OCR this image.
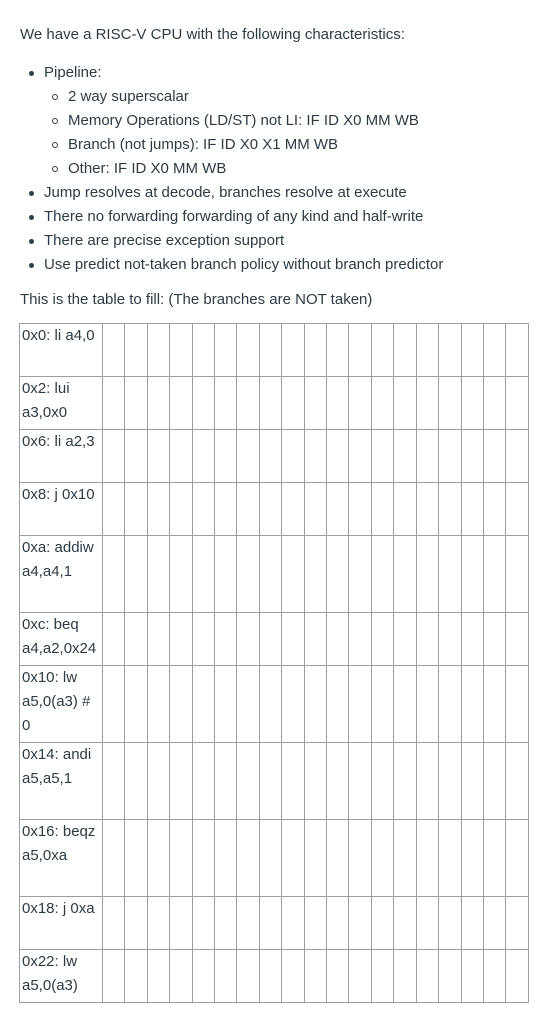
We have a RISC-V CPU with the following characteristics:

Pipeline:
2 way superscalar
Memory Operations (LD/ST) not LI: IF ID X0 MM WB
Branch (not jumps): IF ID X0 X1 MM WB
Other: IF ID X0 MM WB
Jump resolves at decode, branches resolve at execute
There no forwarding forwarding of any kind and half-write
There are precise exception support
Use predict not-taken branch policy without branch predictor

This is the table to fill: (The branches are NOT taken)

0x0: li a4,0																			
0x2: lui a3,0x0																			
0x6: li a2,3																			
0x8: j 0x10																			
0xa: addiw a4,a4,1																			
0xc: beq a4,a2,0x24																			
0x10: lw a5,0(a3) # 0																			
0x14: andi a5,a5,1																			
0x16: beqz a5,0xa																			
0x18: j 0xa																			
0x22: lw a5,0(a3)																			
